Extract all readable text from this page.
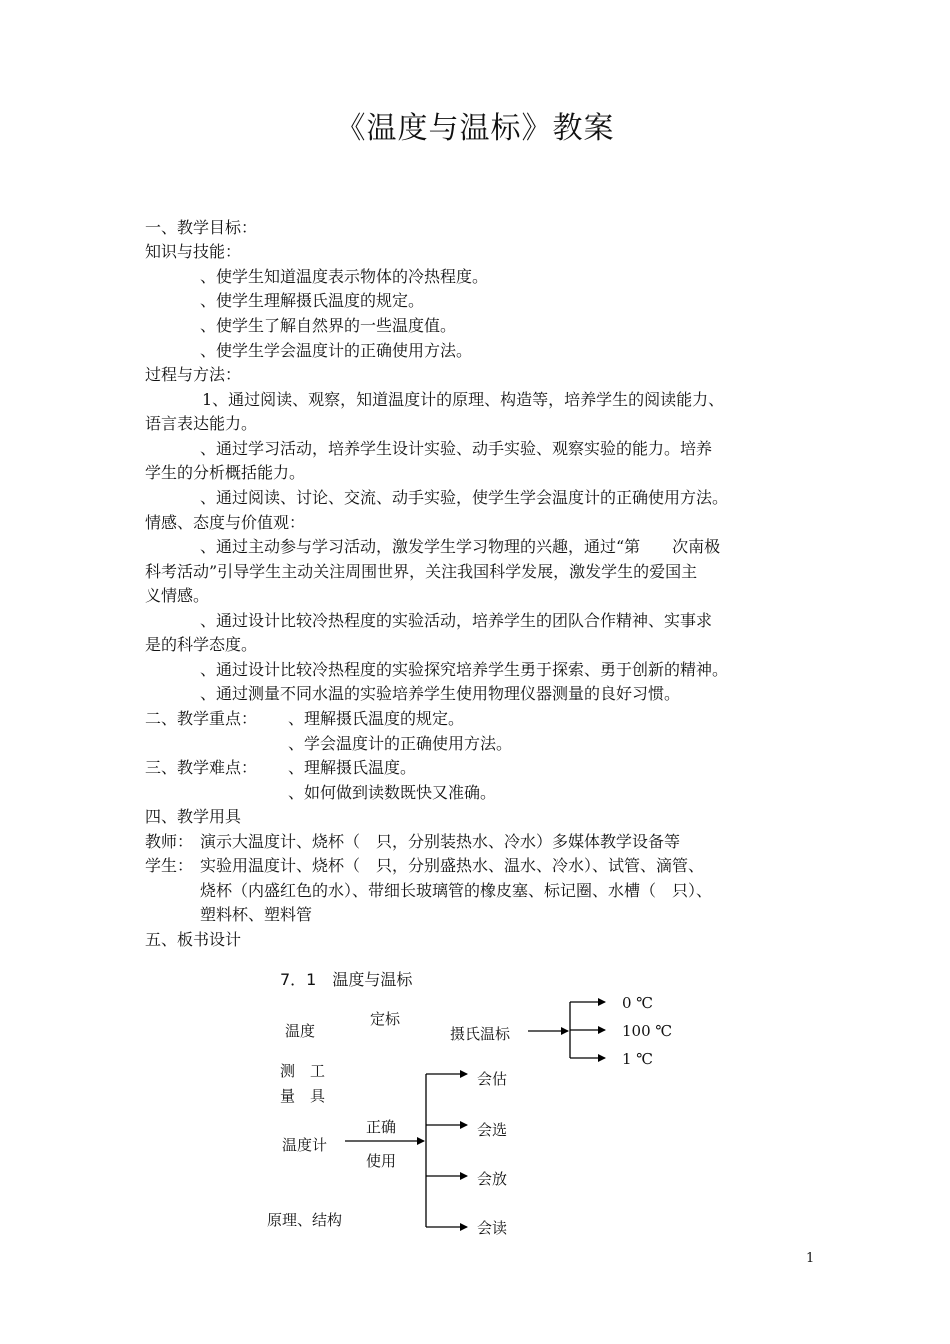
《温度与温标》教案
一、教学目标：
知识与技能：
、使学生知道温度表示物体的冷热程度。
、使学生理解摄氏温度的规定。
、使学生了解自然界的一些温度值。
、使学生学会温度计的正确使用方法。
过程与方法：
1、通过阅读、观察，知道温度计的原理、构造等，培养学生的阅读能力、
语言表达能力。
、通过学习活动，培养学生设计实验、动手实验、观察实验的能力。培养
学生的分析概括能力。
、通过阅读、讨论、交流、动手实验，使学生学会温度计的正确使用方法。
情感、态度与价值观：
、通过主动参与学习活动，激发学生学习物理的兴趣，通过“第　　次南极
科考活动”引导学生主动关注周围世界，关注我国科学发展，激发学生的爱国主
义情感。
、通过设计比较冷热程度的实验活动，培养学生的团队合作精神、实事求
是的科学态度。
、通过设计比较冷热程度的实验探究培养学生勇于探索、勇于创新的精神。
、通过测量不同水温的实验培养学生使用物理仪器测量的良好习惯。
二、教学重点： 、理解摄氏温度的规定。
、学会温度计的正确使用方法。
三、教学难点： 、理解摄氏温度。
、如何做到读数既快又准确。
四、教学用具
教师： 演示大温度计、烧杯（　只，分别装热水、冷水）多媒体教学设备等
学生： 实验用温度计、烧杯（　只，分别盛热水、温水、冷水）、试管、滴管、
烧杯（内盛红色的水）、带细长玻璃管的橡皮塞、标记圈、水槽（　只）、
塑料杯、塑料管
五、板书设计
7．1　温度与温标
温度
定标
摄氏温标
0 ℃
100 ℃
1 ℃
测　工
量　具
温度计
正确
使用
会估
会选
会放
会读
原理、结构
1
